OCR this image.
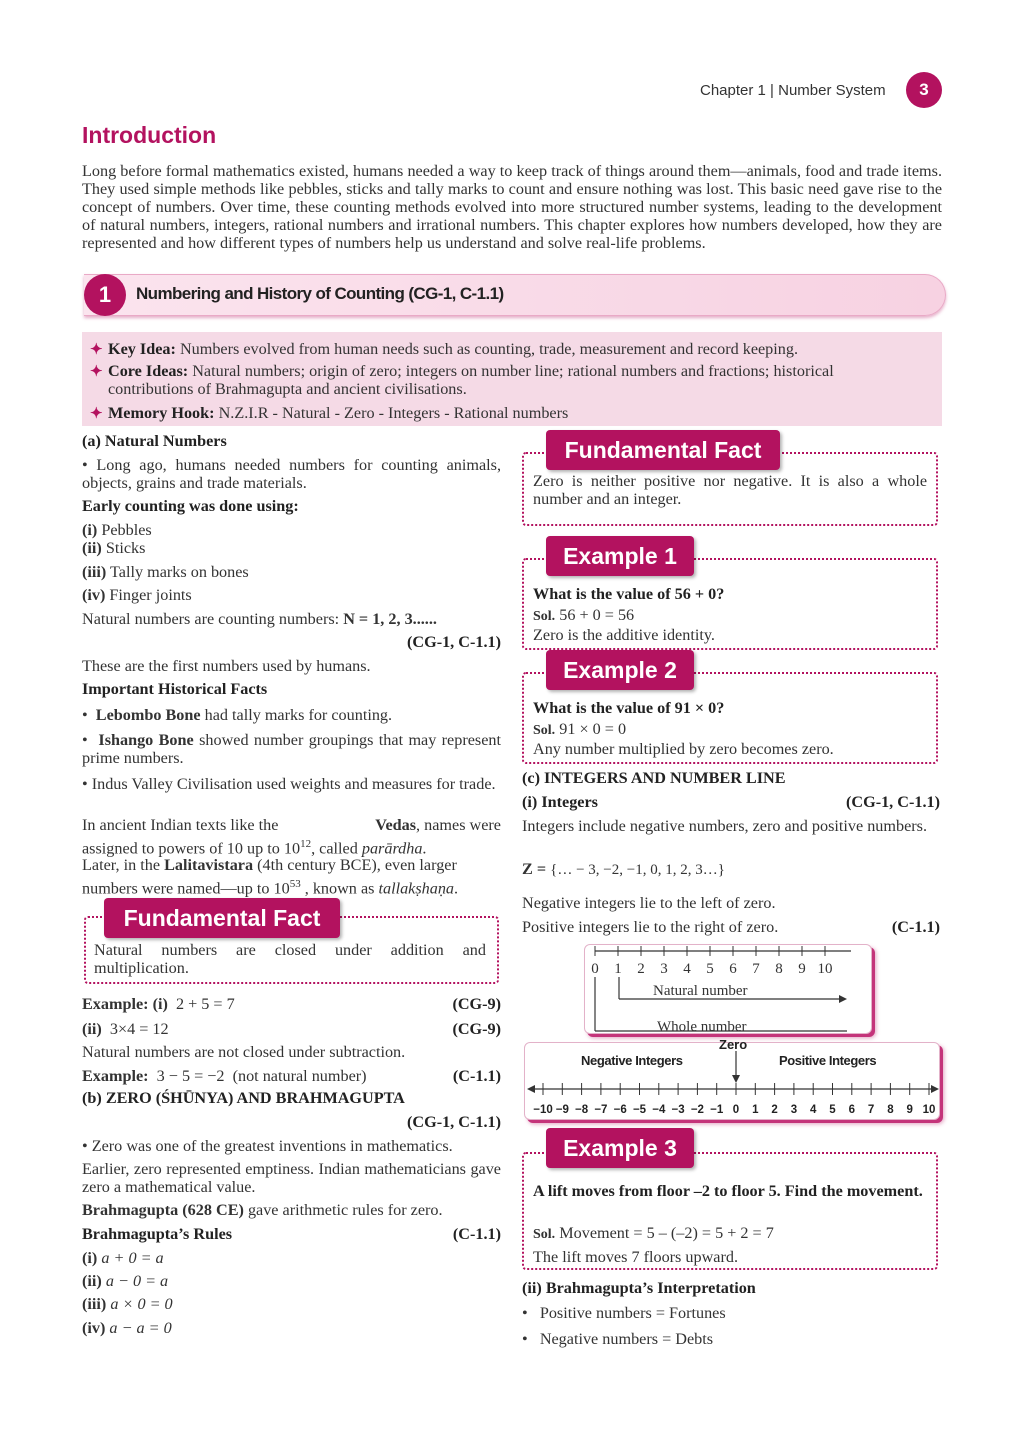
Chapter 1 | Number System	3
Introduction
Long before formal mathematics existed, humans needed a way to keep track of things around them—animals, food and trade items. They used simple methods like pebbles, sticks and tally marks to count and ensure nothing was lost. This basic need gave rise to the concept of numbers. Over time, these counting methods evolved into more structured number systems, leading to the development of natural numbers, integers, rational numbers and irrational numbers. This chapter explores how numbers developed, how they are represented and how different types of numbers help us understand and solve real-life problems.
1	Numbering and History of Counting (CG-1, C-1.1)
✦ Key Idea: Numbers evolved from human needs such as counting, trade, measurement and record keeping.
✦ Core Ideas: Natural numbers; origin of zero; integers on number line; rational numbers and fractions; historical
contributions of Brahmagupta and ancient civilisations.
✦ Memory Hook: N.Z.I.R - Natural - Zero - Integers - Rational numbers
(a) Natural Numbers
• Long ago, humans needed numbers for counting animals, objects, grains and trade materials.
Early counting was done using:
(i) Pebbles
(ii) Sticks
(iii) Tally marks on bones
(iv) Finger joints
Natural numbers are counting numbers: N = 1, 2, 3......
(CG-1, C-1.1)
These are the first numbers used by humans.
Important Historical Facts
•  Lebombo Bone had tally marks for counting.
•  Ishango Bone showed number groupings that may represent prime numbers.
• Indus Valley Civilisation used weights and measures for trade.
In ancient Indian texts like the	Vedas, names were
assigned to powers of 10 up to $10^{12}$, called parārdha.
Later, in the Lalitavistara (4th century BCE), even larger
numbers were named—up to $10^{53}$ , known as tallakṣhaṇa.
Fundamental Fact
Natural numbers are closed under addition and multiplication.
Example: (i) 2 + 5 = 7	(CG-9)
(ii) 3×4 = 12	(CG-9)
Natural numbers are not closed under subtraction.
Example: 3 − 5 = −2 (not natural number)	(C-1.1)
(b) ZERO (ŚHŪNYA) AND BRAHMAGUPTA
(CG-1, C-1.1)
• Zero was one of the greatest inventions in mathematics.
Earlier, zero represented emptiness. Indian mathematicians gave zero a mathematical value.
Brahmagupta (628 CE) gave arithmetic rules for zero.
Brahmagupta’s Rules	(C-1.1)
(i) a + 0 = a
(ii) a − 0 = a
(iii) a × 0 = 0
(iv) a − a = 0
Fundamental Fact
Zero is neither positive nor negative. It is also a whole number and an integer.
Example 1
What is the value of 56 + 0?
Sol. 56 + 0 = 56
Zero is the additive identity.
Example 2
What is the value of 91 × 0?
Sol. 91 × 0 = 0
Any number multiplied by zero becomes zero.
(c) INTEGERS AND NUMBER LINE
(i) Integers	(CG-1, C-1.1)
Integers include negative numbers, zero and positive numbers.
Z = {… − 3, −2, −1, 0, 1, 2, 3…}
Negative integers lie to the left of zero.
Positive integers lie to the right of zero.	(C-1.1)
0 1 2 3 4 5 6 7 8 9 10
Natural number
Whole number
−10 −9 −8 −7 −6 −5 −4 −3 −2 −1 0 1 2 3 4 5 6 7 8 9 10
Zero
Negative Integers	Positive Integers
Example 3
A lift moves from floor –2 to floor 5. Find the movement.
Sol. Movement = 5 – (–2) = 5 + 2 = 7
The lift moves 7 floors upward.
(ii) Brahmagupta’s Interpretation
•   Positive numbers = Fortunes
•   Negative numbers = Debts
